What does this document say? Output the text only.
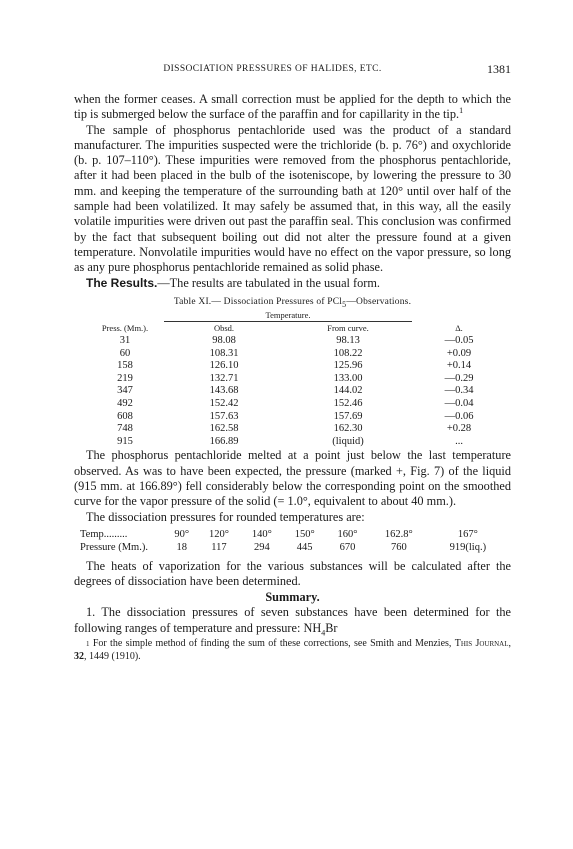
DISSOCIATION PRESSURES OF HALIDES, ETC.	1381

when the former ceases. A small correction must be applied for the depth to which the tip is submerged below the surface of the paraffin and for capillarity in the tip.$^1$

The sample of phosphorus pentachloride used was the product of a standard manufacturer. The impurities suspected were the trichloride (b. p. 76°) and oxychloride (b. p. 107–110°). These impurities were removed from the phosphorus pentachloride, after it had been placed in the bulb of the isoteniscope, by lowering the pressure to 30 mm. and keeping the temperature of the surrounding bath at 120° until over half of the sample had been volatilized. It may safely be assumed that, in this way, all the easily volatile impurities were driven out past the paraffin seal. This conclusion was confirmed by the fact that subsequent boiling out did not alter the pressure found at a given temperature. Nonvolatile impurities would have no effect on the vapor pressure, so long as any pure phosphorus pentachloride remained as solid phase.

The Results.—The results are tabulated in the usual form.

Table XI.— Dissociation Pressures of PCl$_5$—Observations.
	Temperature.		
Press. (Mm.).	Obsd.	From curve.	Δ.
31	98.08	98.13	—0.05
60	108.31	108.22	+0.09
158	126.10	125.96	+0.14
219	132.71	133.00	—0.29
347	143.68	144.02	—0.34
492	152.42	152.46	—0.04
608	157.63	157.69	—0.06
748	162.58	162.30	+0.28
915	166.89	(liquid)	...

The phosphorus pentachloride melted at a point just below the last temperature observed. As was to have been expected, the pressure (marked +, Fig. 7) of the liquid (915 mm. at 166.89°) fell considerably below the corresponding point on the smoothed curve for the vapor pressure of the solid (= 1.0°, equivalent to about 40 mm.).

The dissociation pressures for rounded temperatures are:

Temp.........	90°	120°	140°	150°	160°	162.8°	167°
Pressure (Mm.).	18	117	294	445	670	760	919(liq.)

The heats of vaporization for the various substances will be calculated after the degrees of dissociation have been determined.

Summary.

1. The dissociation pressures of seven substances have been determined for the following ranges of temperature and pressure: $NH_4Br$

$^1$ For the simple method of finding the sum of these corrections, see Smith and Menzies, This Journal, 32, 1449 (1910).
